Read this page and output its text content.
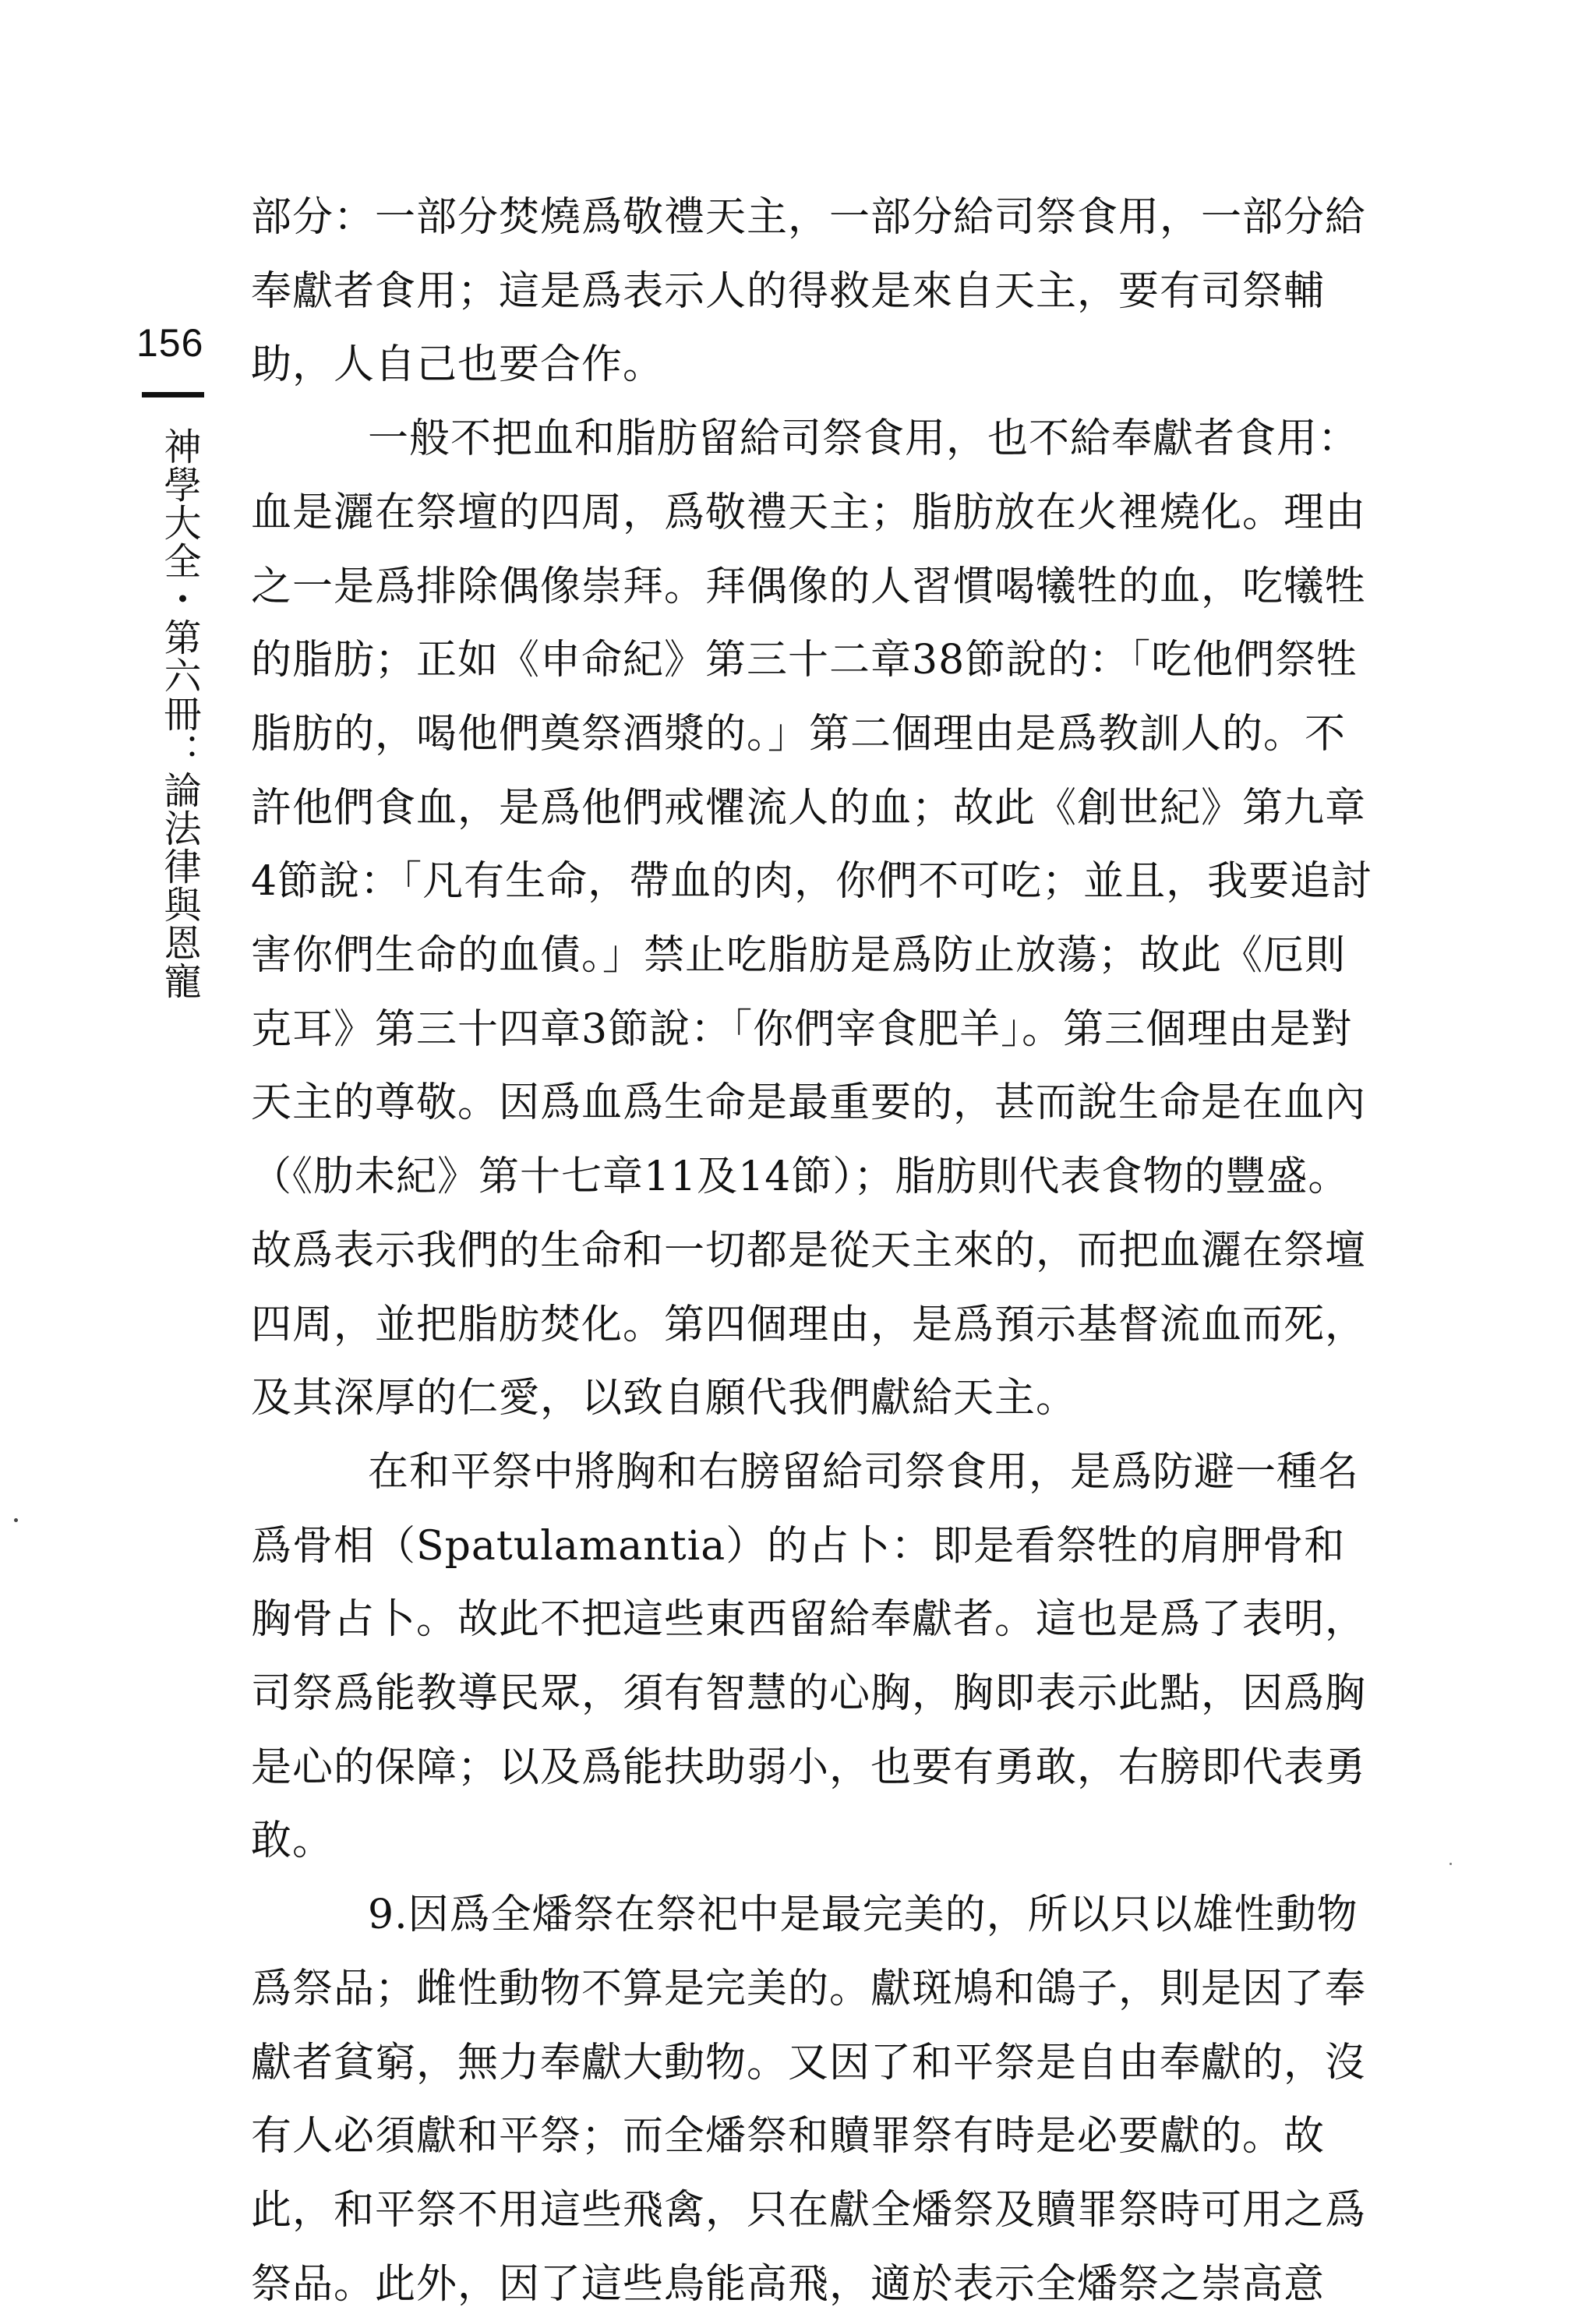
156
神學大全・第六冊：論法律與恩寵

部分：一部分焚燒爲敬禮天主，一部分給司祭食用，一部分給奉獻者食用；這是爲表示人的得救是來自天主，要有司祭輔助，人自己也要合作。

一般不把血和脂肪留給司祭食用，也不給奉獻者食用：血是灑在祭壇的四周，爲敬禮天主；脂肪放在火裡燒化。理由之一是爲排除偶像崇拜。拜偶像的人習慣喝犧牲的血，吃犧牲的脂肪；正如《申命紀》第三十二章38節說的：「吃他們祭牲脂肪的，喝他們奠祭酒漿的。」第二個理由是爲教訓人的。不許他們食血，是爲他們戒懼流人的血；故此《創世紀》第九章4節說：「凡有生命，帶血的肉，你們不可吃；並且，我要追討害你們生命的血債。」禁止吃脂肪是爲防止放蕩；故此《厄則克耳》第三十四章3節說：「你們宰食肥羊」。第三個理由是對天主的尊敬。因爲血爲生命是最重要的，甚而說生命是在血內（《肋未紀》第十七章11及14節）；脂肪則代表食物的豐盛。故爲表示我們的生命和一切都是從天主來的，而把血灑在祭壇四周，並把脂肪焚化。第四個理由，是爲預示基督流血而死，及其深厚的仁愛，以致自願代我們獻給天主。

在和平祭中將胸和右膀留給司祭食用，是爲防避一種名爲骨相（Spatulamantia）的占卜：即是看祭牲的肩胛骨和胸骨占卜。故此不把這些東西留給奉獻者。這也是爲了表明，司祭爲能教導民眾，須有智慧的心胸，胸即表示此點，因爲胸是心的保障；以及爲能扶助弱小，也要有勇敢，右膀即代表勇敢。

9.因爲全燔祭在祭祀中是最完美的，所以只以雄性動物爲祭品；雌性動物不算是完美的。獻斑鳩和鴿子，則是因了奉獻者貧窮，無力奉獻大動物。又因了和平祭是自由奉獻的，沒有人必須獻和平祭；而全燔祭和贖罪祭有時是必要獻的。故此，和平祭不用這些飛禽，只在獻全燔祭及贖罪祭時可用之爲祭品。此外，因了這些鳥能高飛，適於表示全燔祭之崇高意
